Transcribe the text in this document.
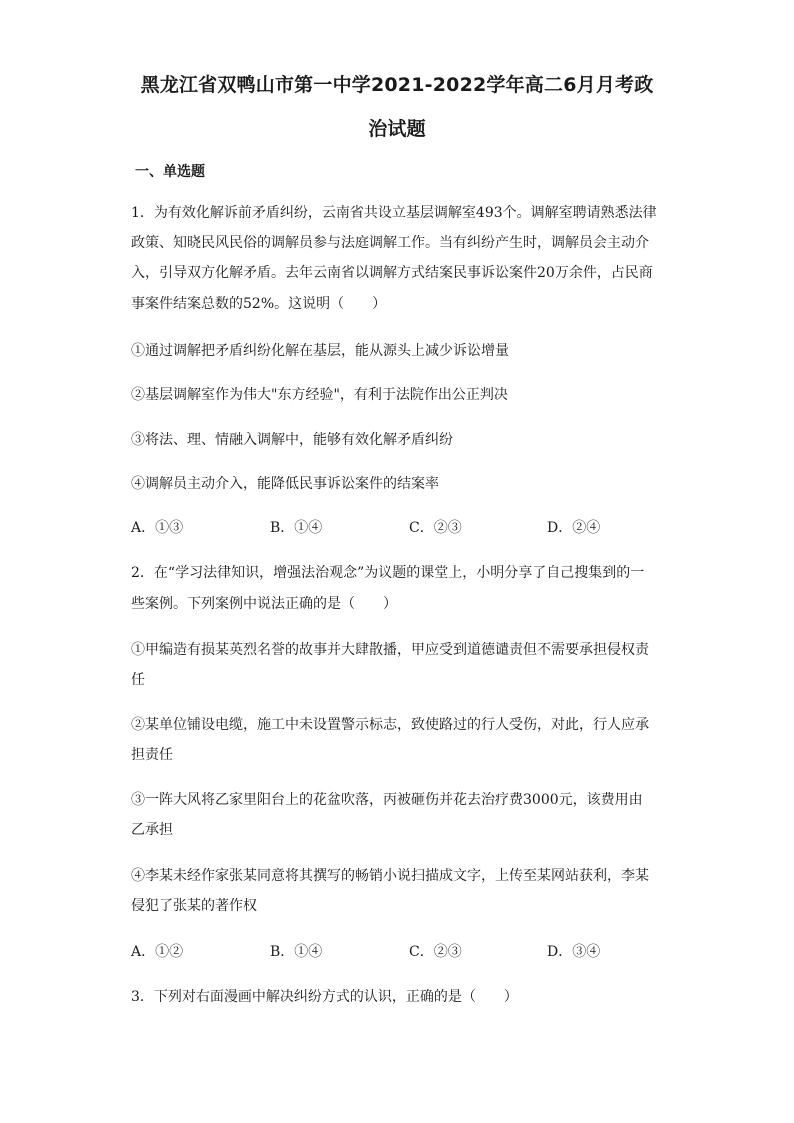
黑龙江省双鸭山市第一中学2021-2022学年高二6月月考政
治试题
一、单选题
1．为有效化解诉前矛盾纠纷，云南省共设立基层调解室493个。调解室聘请熟悉法律
政策、知晓民风民俗的调解员参与法庭调解工作。当有纠纷产生时，调解员会主动介
入，引导双方化解矛盾。去年云南省以调解方式结案民事诉讼案件20万余件，占民商
事案件结案总数的52%。这说明（　　）
①通过调解把矛盾纠纷化解在基层，能从源头上减少诉讼增量
②基层调解室作为伟大"东方经验"，有利于法院作出公正判决
③将法、理、情融入调解中，能够有效化解矛盾纠纷
④调解员主动介入，能降低民事诉讼案件的结案率
A．①③	B．①④	C．②③	D．②④
2．在“学习法律知识，增强法治观念”为议题的课堂上，小明分享了自己搜集到的一
些案例。下列案例中说法正确的是（　　）
①甲编造有损某英烈名誉的故事并大肆散播，甲应受到道德谴责但不需要承担侵权责
任
②某单位铺设电缆，施工中未设置警示标志，致使路过的行人受伤，对此，行人应承
担责任
③一阵大风将乙家里阳台上的花盆吹落，丙被砸伤并花去治疗费3000元，该费用由
乙承担
④李某未经作家张某同意将其撰写的畅销小说扫描成文字，上传至某网站获利，李某
侵犯了张某的著作权
A．①②	B．①④	C．②③	D．③④
3．下列对右面漫画中解决纠纷方式的认识，正确的是（　　）
